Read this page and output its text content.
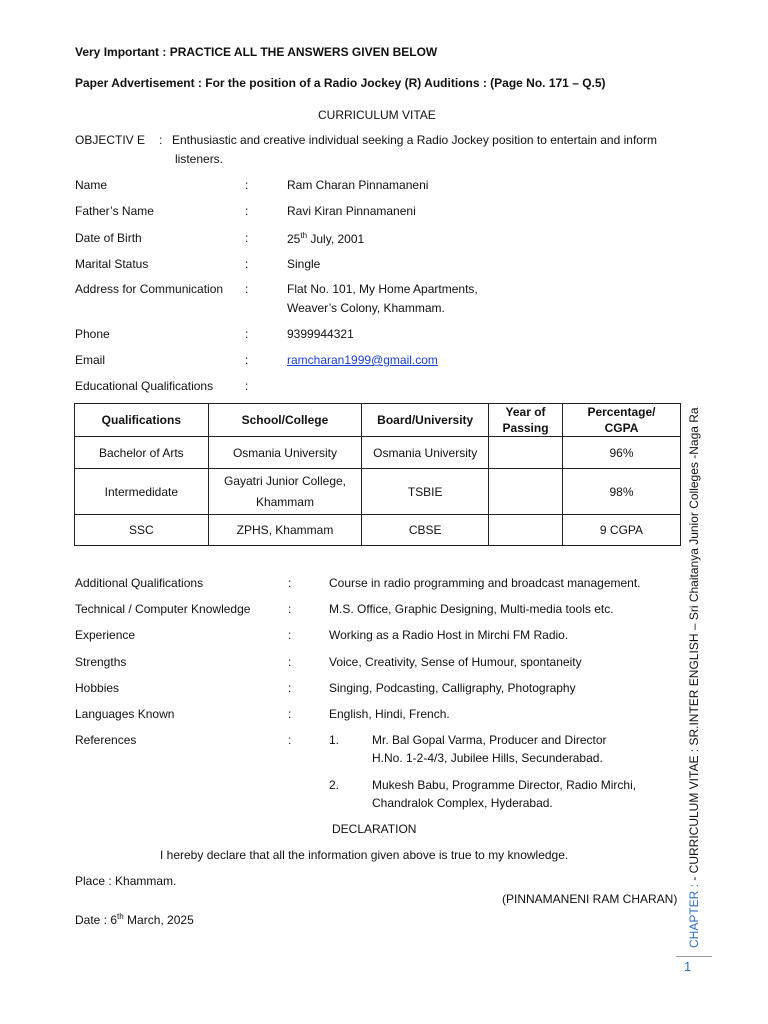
Very Important : PRACTICE ALL THE ANSWERS GIVEN BELOW
Paper Advertisement : For the position of a Radio Jockey (R) Auditions : (Page No. 171 – Q.5)
CURRICULUM VITAE
OBJECTIV E : Enthusiastic and creative individual seeking a Radio Jockey position to entertain and inform
listeners.
Name	:	Ram Charan Pinnamaneni
Father’s Name	:	Ravi Kiran Pinnamaneni
Date of Birth	:	25th July, 2001
Marital Status	:	Single
Address for Communication :	Flat No. 101, My Home Apartments,
Weaver’s Colony, Khammam.
Phone	:	9399944321
Email	:	ramcharan1999@gmail.com
Educational Qualifications	:
Qualifications	School/College	Board/University	Year of Passing	Percentage/ CGPA
Bachelor of Arts	Osmania University	Osmania University		96%
Intermedidate	Gayatri Junior College, Khammam	TSBIE		98%
SSC	ZPHS, Khammam	CBSE		9 CGPA
Additional Qualifications	:	Course in radio programming and broadcast management.
Technical / Computer Knowledge	:	M.S. Office, Graphic Designing, Multi-media tools etc.
Experience	:	Working as a Radio Host in Mirchi FM Radio.
Strengths	:	Voice, Creativity, Sense of Humour, spontaneity
Hobbies	:	Singing, Podcasting, Calligraphy, Photography
Languages Known	:	English, Hindi, French.
References	:	1.	Mr. Bal Gopal Varma, Producer and Director
H.No. 1-2-4/3, Jubilee Hills, Secunderabad.
2.	Mukesh Babu, Programme Director, Radio Mirchi,
Chandralok Complex, Hyderabad.
DECLARATION
I hereby declare that all the information given above is true to my knowledge.
Place : Khammam.
(PINNAMANENI RAM CHARAN)
Date : 6th March, 2025	CHAPTER : - CURRICULUM VITAE : SR.INTER ENGLISH – Sri Chaitanya Junior Colleges -Naga Ra
1
